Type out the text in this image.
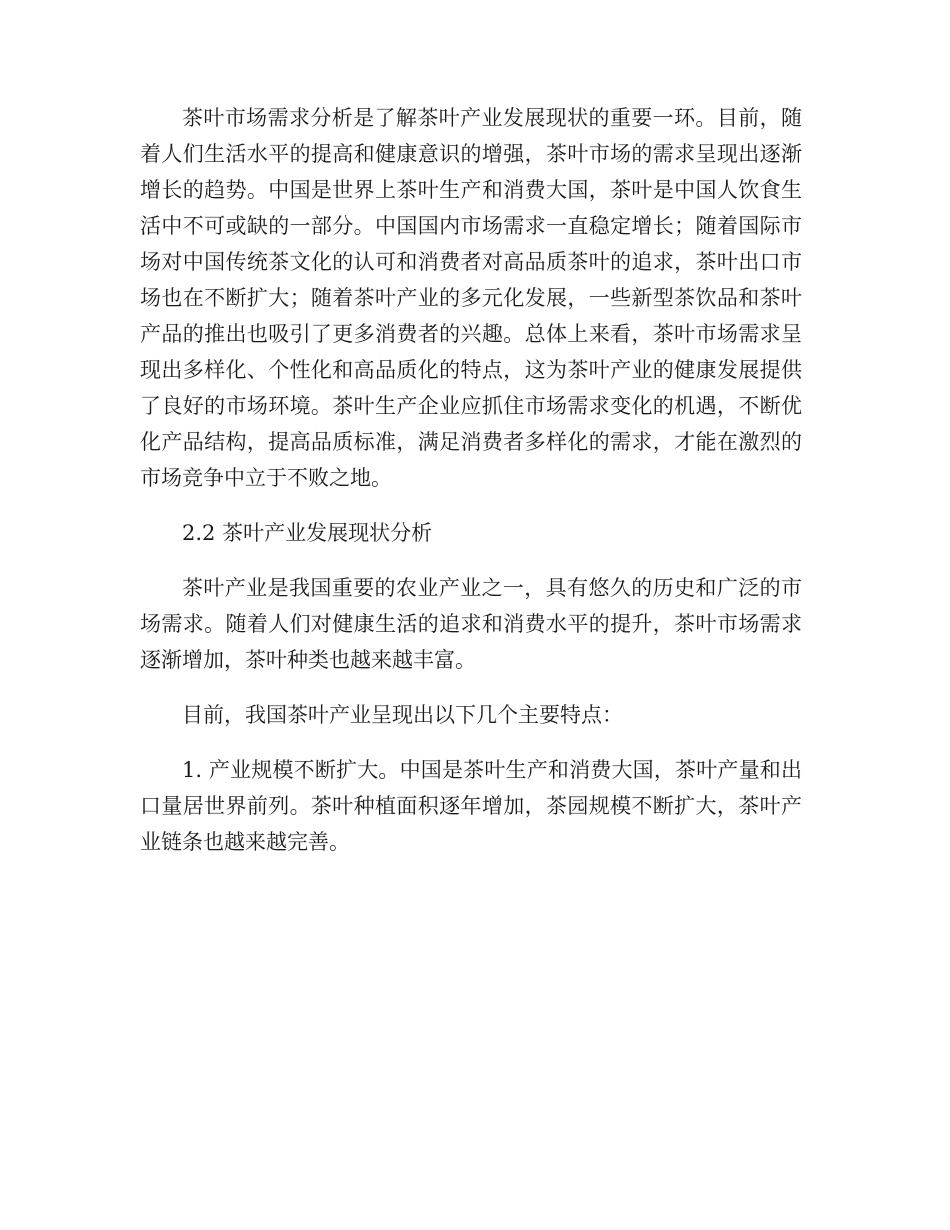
茶叶市场需求分析是了解茶叶产业发展现状的重要一环。目前，随着人们生活水平的提高和健康意识的增强，茶叶市场的需求呈现出逐渐增长的趋势。中国是世界上茶叶生产和消费大国，茶叶是中国人饮食生活中不可或缺的一部分。中国国内市场需求一直稳定增长；随着国际市场对中国传统茶文化的认可和消费者对高品质茶叶的追求，茶叶出口市场也在不断扩大；随着茶叶产业的多元化发展，一些新型茶饮品和茶叶产品的推出也吸引了更多消费者的兴趣。总体上来看，茶叶市场需求呈现出多样化、个性化和高品质化的特点，这为茶叶产业的健康发展提供了良好的市场环境。茶叶生产企业应抓住市场需求变化的机遇，不断优化产品结构，提高品质标准，满足消费者多样化的需求，才能在激烈的市场竞争中立于不败之地。

2.2 茶叶产业发展现状分析

茶叶产业是我国重要的农业产业之一，具有悠久的历史和广泛的市场需求。随着人们对健康生活的追求和消费水平的提升，茶叶市场需求逐渐增加，茶叶种类也越来越丰富。

目前，我国茶叶产业呈现出以下几个主要特点：

1. 产业规模不断扩大。中国是茶叶生产和消费大国，茶叶产量和出口量居世界前列。茶叶种植面积逐年增加，茶园规模不断扩大，茶叶产业链条也越来越完善。
